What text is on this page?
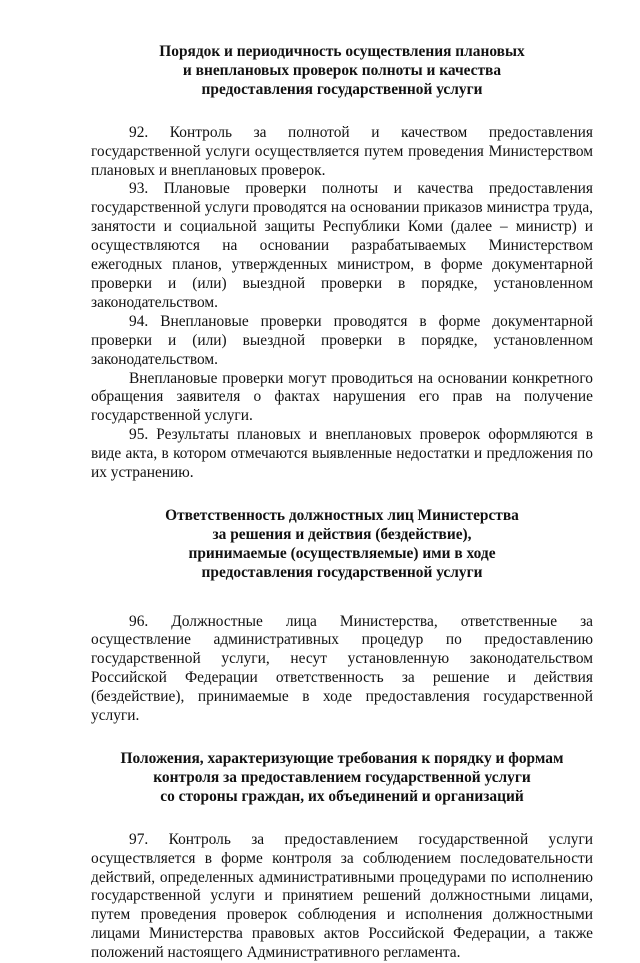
Порядок и периодичность осуществления плановых
и внеплановых проверок полноты и качества
предоставления государственной услуги

92. Контроль за полнотой и качеством предоставления государственной услуги осуществляется путем проведения Министерством плановых и внеплановых проверок.

93. Плановые проверки полноты и качества предоставления государственной услуги проводятся на основании приказов министра труда, занятости и социальной защиты Республики Коми (далее – министр) и осуществляются на основании разрабатываемых Министерством ежегодных планов, утвержденных министром, в форме документарной проверки и (или) выездной проверки в порядке, установленном законодательством.

94. Внеплановые проверки проводятся в форме документарной проверки и (или) выездной проверки в порядке, установленном законодательством.

Внеплановые проверки могут проводиться на основании конкретного обращения заявителя о фактах нарушения его прав на получение государственной услуги.

95. Результаты плановых и внеплановых проверок оформляются в виде акта, в котором отмечаются выявленные недостатки и предложения по их устранению.

Ответственность должностных лиц Министерства
за решения и действия (бездействие),
принимаемые (осуществляемые) ими в ходе
предоставления государственной услуги

96. Должностные лица Министерства, ответственные за осуществление административных процедур по предоставлению государственной услуги, несут установленную законодательством Российской Федерации ответственность за решение и действия (бездействие), принимаемые в ходе предоставления государственной услуги.

Положения, характеризующие требования к порядку и формам
контроля за предоставлением государственной услуги
со стороны граждан, их объединений и организаций

97. Контроль за предоставлением государственной услуги осуществляется в форме контроля за соблюдением последовательности действий, определенных административными процедурами по исполнению государственной услуги и принятием решений должностными лицами, путем проведения проверок соблюдения и исполнения должностными лицами Министерства правовых актов Российской Федерации, а также положений настоящего Административного регламента.
